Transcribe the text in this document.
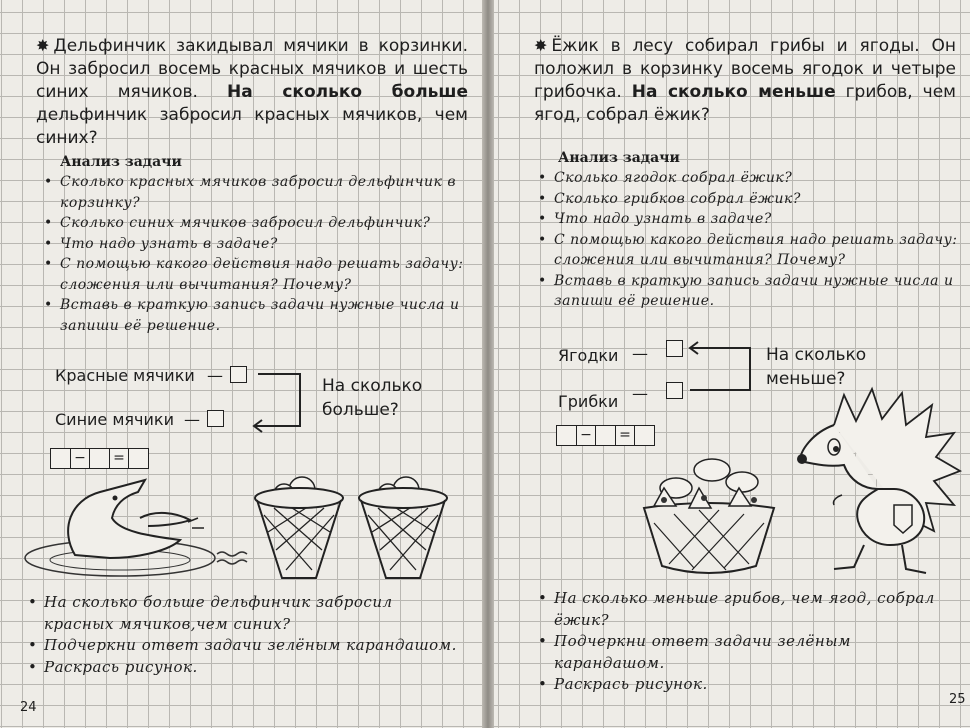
✸ Дельфинчик закидывал мячики в корзинки. Он забросил восемь красных мячиков и шесть синих мячиков. На сколько больше дельфинчик забросил красных мячиков, чем синих?

Анализ задачи
• Сколько красных мячиков забросил дельфинчик в корзинку?
• Сколько синих мячиков забросил дельфинчик?
• Что надо узнать в задаче?
• С помощью какого действия надо решать задачу: сложения или вычитания? Почему?
• Вставь в краткую запись задачи нужные числа и запиши её решение.
Красные мячики —
Синие мячики —
На сколько
больше?
−	=
• На сколько больше дельфинчик забросил красных мячиков,чем синих?
• Подчеркни ответ задачи зелёным карандашом.
• Раскрась рисунок.
24

✸ Ёжик в лесу собирал грибы и ягоды. Он положил в корзинку восемь ягодок и четыре грибочка. На сколько меньше грибов, чем ягод, собрал ёжик?

Анализ задачи
• Сколько ягодок собрал ёжик?
• Сколько грибков собрал ёжик?
• Что надо узнать в задаче?
• С помощью какого действия надо решать задачу: сложения или вычитания? Почему?
• Вставь в краткую запись задачи нужные числа и запиши её решение.
Ягодки —
Грибки —
На сколько
меньше?
−	=
• На сколько меньше грибов, чем ягод, собрал ёжик?
• Подчеркни ответ задачи зелёным карандашом.
• Раскрась рисунок.
25
